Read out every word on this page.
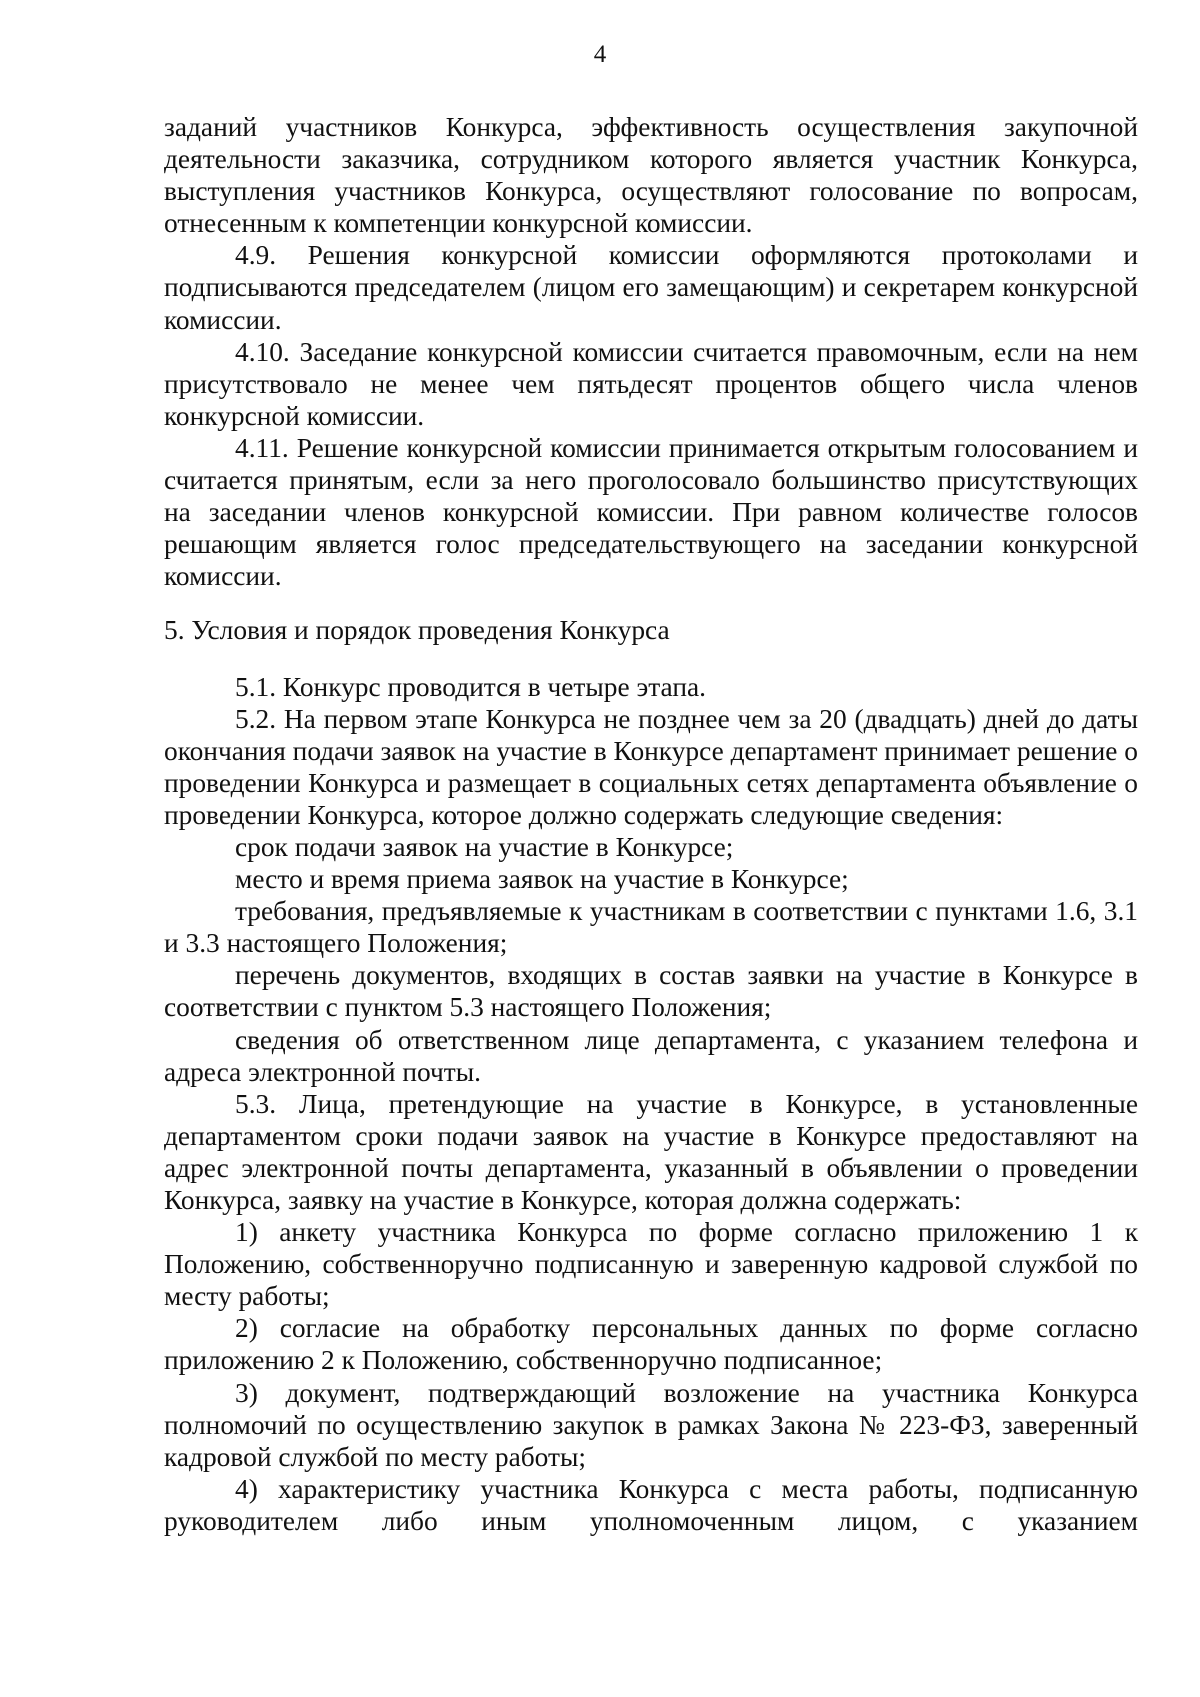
4

заданий участников Конкурса, эффективность осуществления закупочной деятельности заказчика, сотрудником которого является участник Конкурса, выступления участников Конкурса, осуществляют голосование по вопросам, отнесенным к компетенции конкурсной комиссии.

4.9. Решения конкурсной комиссии оформляются протоколами и подписываются председателем (лицом его замещающим) и секретарем конкурсной комиссии.

4.10. Заседание конкурсной комиссии считается правомочным, если на нем присутствовало не менее чем пятьдесят процентов общего числа членов конкурсной комиссии.

4.11. Решение конкурсной комиссии принимается открытым голосованием и считается принятым, если за него проголосовало большинство присутствующих на заседании членов конкурсной комиссии. При равном количестве голосов решающим является голос председательствующего на заседании конкурсной комиссии.

5. Условия и порядок проведения Конкурса

5.1. Конкурс проводится в четыре этапа.

5.2. На первом этапе Конкурса не позднее чем за 20 (двадцать) дней до даты окончания подачи заявок на участие в Конкурсе департамент принимает решение о проведении Конкурса и размещает в социальных сетях департамента объявление о проведении Конкурса, которое должно содержать следующие сведения:

срок подачи заявок на участие в Конкурсе;

место и время приема заявок на участие в Конкурсе;

требования, предъявляемые к участникам в соответствии с пунктами 1.6, 3.1 и 3.3 настоящего Положения;

перечень документов, входящих в состав заявки на участие в Конкурсе в соответствии с пунктом 5.3 настоящего Положения;

сведения об ответственном лице департамента, с указанием телефона и адреса электронной почты.

5.3. Лица, претендующие на участие в Конкурсе, в установленные департаментом сроки подачи заявок на участие в Конкурсе предоставляют на адрес электронной почты департамента, указанный в объявлении о проведении Конкурса, заявку на участие в Конкурсе, которая должна содержать:

1) анкету участника Конкурса по форме согласно приложению 1 к Положению, собственноручно подписанную и заверенную кадровой службой по месту работы;

2) согласие на обработку персональных данных по форме согласно приложению 2 к Положению, собственноручно подписанное;

3) документ, подтверждающий возложение на участника Конкурса полномочий по осуществлению закупок в рамках Закона № 223-ФЗ, заверенный кадровой службой по месту работы;

4) характеристику участника Конкурса с места работы, подписанную руководителем либо иным уполномоченным лицом, с указанием
